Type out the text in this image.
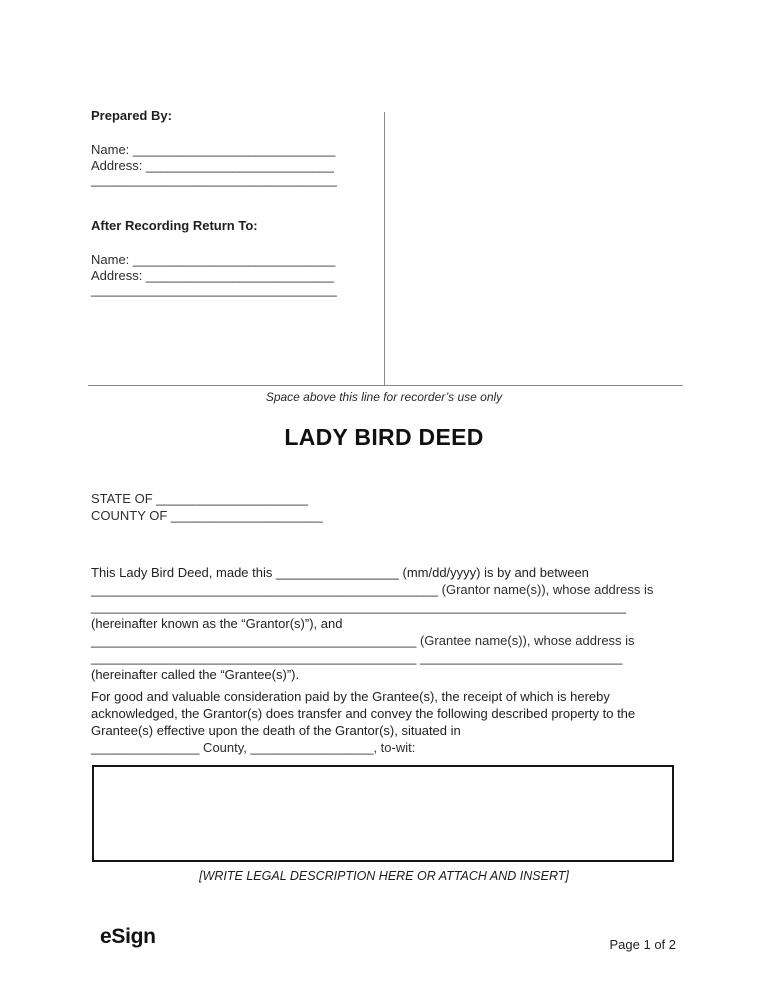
Prepared By:
Name: ____________________________
Address: __________________________
__________________________________
After Recording Return To:
Name: ____________________________
Address: __________________________
__________________________________
Space above this line for recorder’s use only
LADY BIRD DEED
STATE OF _____________________
COUNTY OF _____________________
This Lady Bird Deed, made this _________________ (mm/dd/yyyy) is by and between
________________________________________________ (Grantor name(s)), whose address is
__________________________________________________________________________
(hereinafter known as the “Grantor(s)”), and
_____________________________________________ (Grantee name(s)), whose address is
_____________________________________________ ____________________________
(hereinafter called the “Grantee(s)”).
For good and valuable consideration paid by the Grantee(s), the receipt of which is hereby
acknowledged, the Grantor(s) does transfer and convey the following described property to the
Grantee(s) effective upon the death of the Grantor(s), situated in
_______________ County, _________________, to-wit:
[WRITE LEGAL DESCRIPTION HERE OR ATTACH AND INSERT]
eSign	Page 1 of 2
